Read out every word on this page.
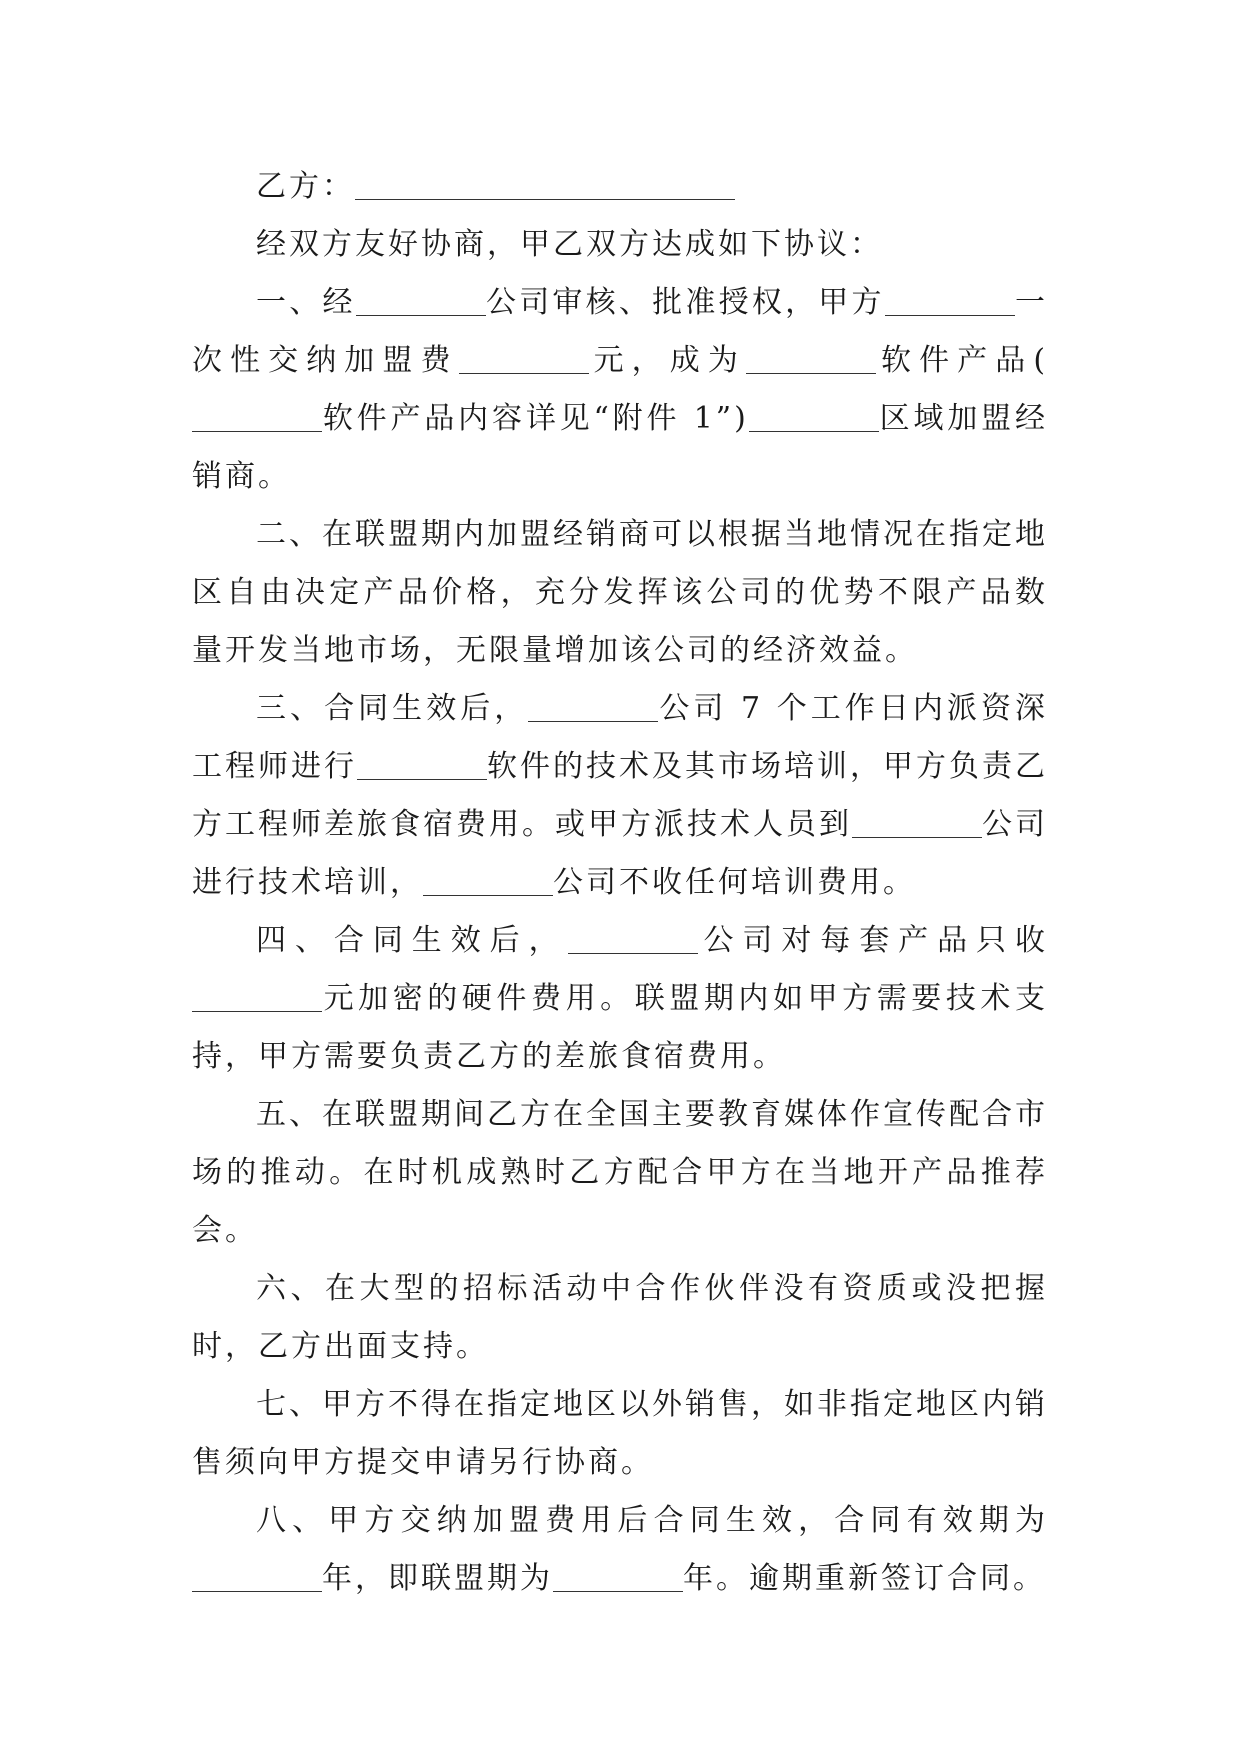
乙方：

经双方友好协商，甲乙双方达成如下协议：

一、经	公司审核、批准授权，甲方	一次性交纳加盟费	元，成为	软件产品(软件产品内容详见“附件 1”)	区域加盟经销商。

二、在联盟期内加盟经销商可以根据当地情况在指定地区自由决定产品价格，充分发挥该公司的优势不限产品数量开发当地市场，无限量增加该公司的经济效益。

三、合同生效后，	公司 7 个工作日内派资深工程师进行	软件的技术及其市场培训，甲方负责乙方工程师差旅食宿费用。或甲方派技术人员到	公司进行技术培训，	公司不收任何培训费用。

四、合同生效后，	公司对每套产品只收元加密的硬件费用。联盟期内如甲方需要技术支持，甲方需要负责乙方的差旅食宿费用。

五、在联盟期间乙方在全国主要教育媒体作宣传配合市场的推动。在时机成熟时乙方配合甲方在当地开产品推荐会。

六、在大型的招标活动中合作伙伴没有资质或没把握时，乙方出面支持。

七、甲方不得在指定地区以外销售，如非指定地区内销售须向甲方提交申请另行协商。

八、甲方交纳加盟费用后合同生效，合同有效期为年，即联盟期为	年。逾期重新签订合同。
